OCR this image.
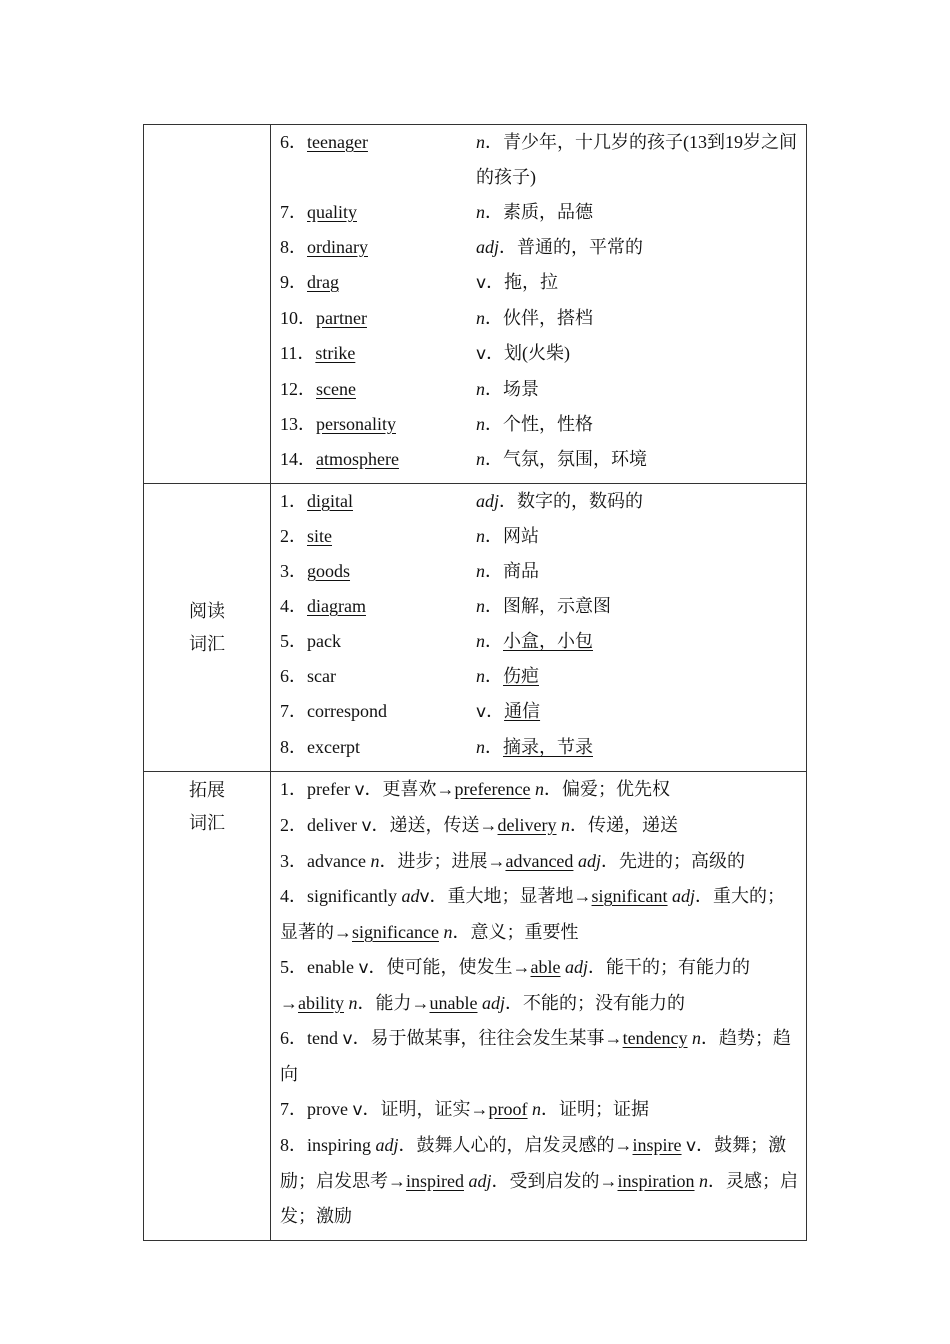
6．teenager	n．青少年，十几岁的孩子(13到19岁之间的孩子)
7．quality	n．素质，品德
8．ordinary	adj．普通的，平常的
9．drag	v．拖，拉
10．partner	n．伙伴，搭档
11．strike	v．划(火柴)
12．scene	n．场景
13．personality	n．个性，性格
14．atmosphere	n．气氛，氛围，环境
阅读
词汇
1．digital	adj．数字的，数码的
2．site	n．网站
3．goods	n．商品
4．diagram	n．图解，示意图
5．pack	n．小盒，小包
6．scar	n．伤疤
7．correspond	v．通信
8．excerpt	n．摘录，节录
拓展
词汇
1．prefer v．更喜欢→preference n．偏爱；优先权
2．deliver v．递送，传送→delivery n．传递，递送
3．advance n．进步；进展→advanced adj．先进的；高级的
4．significantly adv．重大地；显著地→significant adj．重大的；显著的→significance n．意义；重要性
5．enable v．使可能，使发生→able adj．能干的；有能力的→ability n．能力→unable adj．不能的；没有能力的
6．tend v．易于做某事，往往会发生某事→tendency n．趋势；趋向
7．prove v．证明，证实→proof n．证明；证据
8．inspiring adj．鼓舞人心的，启发灵感的→inspire v．鼓舞；激励；启发思考→inspired adj．受到启发的→inspiration n．灵感；启发；激励
